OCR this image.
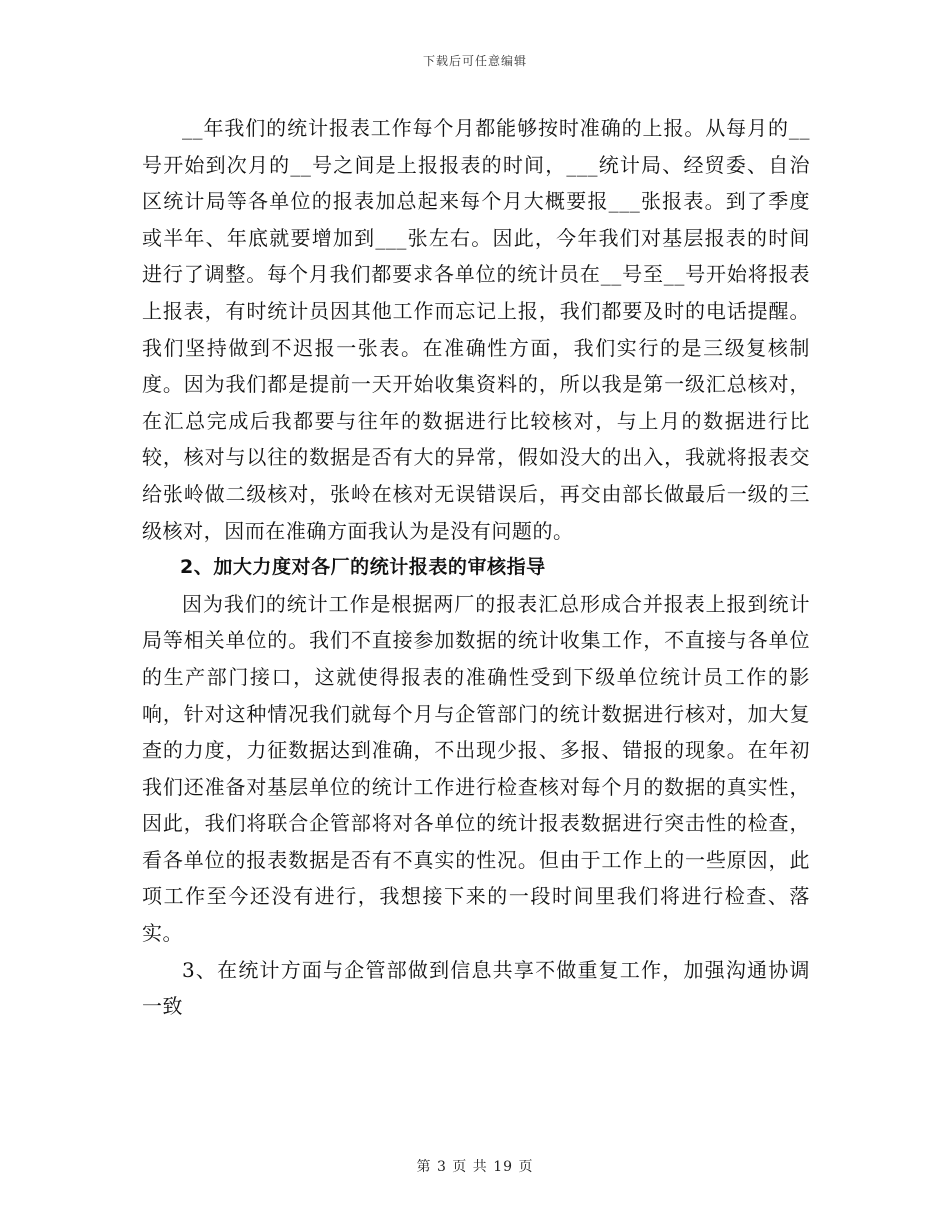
下载后可任意编辑

__年我们的统计报表工作每个月都能够按时准确的上报。从每月的__号开始到次月的__号之间是上报报表的时间，___统计局、经贸委、自治区统计局等各单位的报表加总起来每个月大概要报___张报表。到了季度或半年、年底就要增加到___张左右。因此，今年我们对基层报表的时间进行了调整。每个月我们都要求各单位的统计员在__号至__号开始将报表上报表，有时统计员因其他工作而忘记上报，我们都要及时的电话提醒。我们坚持做到不迟报一张表。在准确性方面，我们实行的是三级复核制度。因为我们都是提前一天开始收集资料的，所以我是第一级汇总核对，在汇总完成后我都要与往年的数据进行比较核对，与上月的数据进行比较，核对与以往的数据是否有大的异常，假如没大的出入，我就将报表交给张岭做二级核对，张岭在核对无误错误后，再交由部长做最后一级的三级核对，因而在准确方面我认为是没有问题的。

2、加大力度对各厂的统计报表的审核指导

因为我们的统计工作是根据两厂的报表汇总形成合并报表上报到统计局等相关单位的。我们不直接参加数据的统计收集工作，不直接与各单位的生产部门接口，这就使得报表的准确性受到下级单位统计员工作的影响，针对这种情况我们就每个月与企管部门的统计数据进行核对，加大复查的力度，力征数据达到准确，不出现少报、多报、错报的现象。在年初我们还准备对基层单位的统计工作进行检查核对每个月的数据的真实性，因此，我们将联合企管部将对各单位的统计报表数据进行突击性的检查，看各单位的报表数据是否有不真实的性况。但由于工作上的一些原因，此项工作至今还没有进行，我想接下来的一段时间里我们将进行检查、落实。

3、在统计方面与企管部做到信息共享不做重复工作，加强沟通协调一致

第 3 页 共 19 页
